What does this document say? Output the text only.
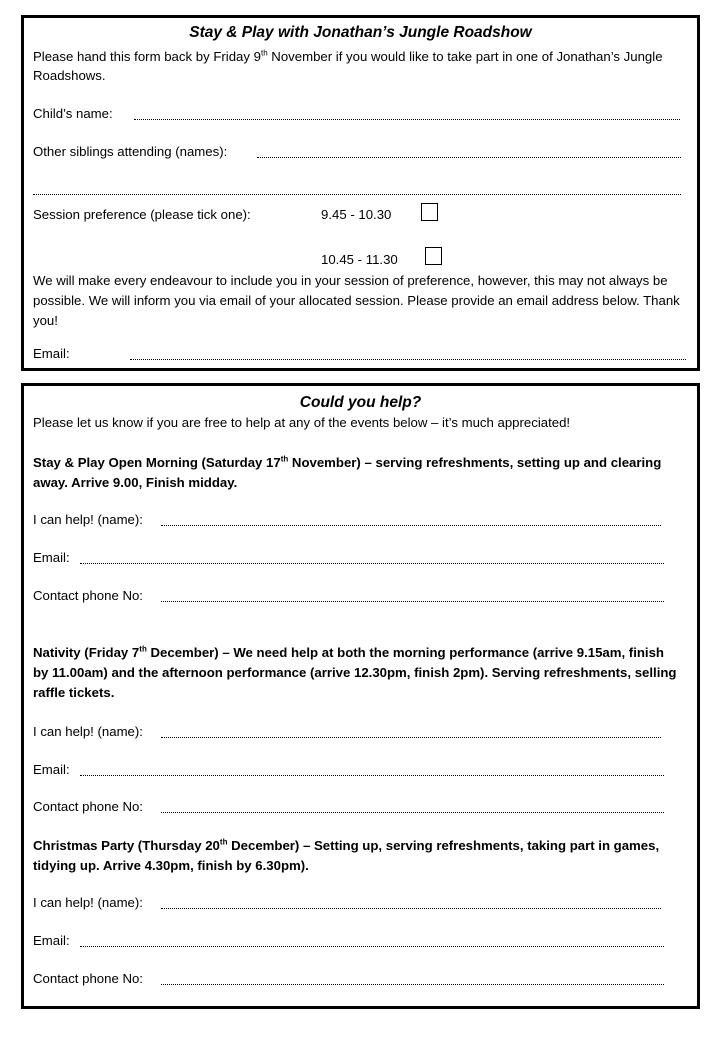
Stay & Play with Jonathan’s Jungle Roadshow
Please hand this form back by Friday 9th November if you would like to take part in one of Jonathan’s Jungle Roadshows.
Child’s name:
Other siblings attending (names):
Session preference (please tick one):	9.45 - 10.30
10.45 - 11.30
We will make every endeavour to include you in your session of preference, however, this may not always be possible. We will inform you via email of your allocated session. Please provide an email address below. Thank you!
Email:
Could you help?
Please let us know if you are free to help at any of the events below – it’s much appreciated!
Stay & Play Open Morning (Saturday 17th November) – serving refreshments, setting up and clearing away. Arrive 9.00, Finish midday.
I can help! (name):
Email:
Contact phone No:
Nativity (Friday 7th December) – We need help at both the morning performance (arrive 9.15am, finish by 11.00am) and the afternoon performance (arrive 12.30pm, finish 2pm). Serving refreshments, selling raffle tickets.
I can help! (name):
Email:
Contact phone No:
Christmas Party (Thursday 20th December) – Setting up, serving refreshments, taking part in games, tidying up. Arrive 4.30pm, finish by 6.30pm).
I can help! (name):
Email:
Contact phone No:
